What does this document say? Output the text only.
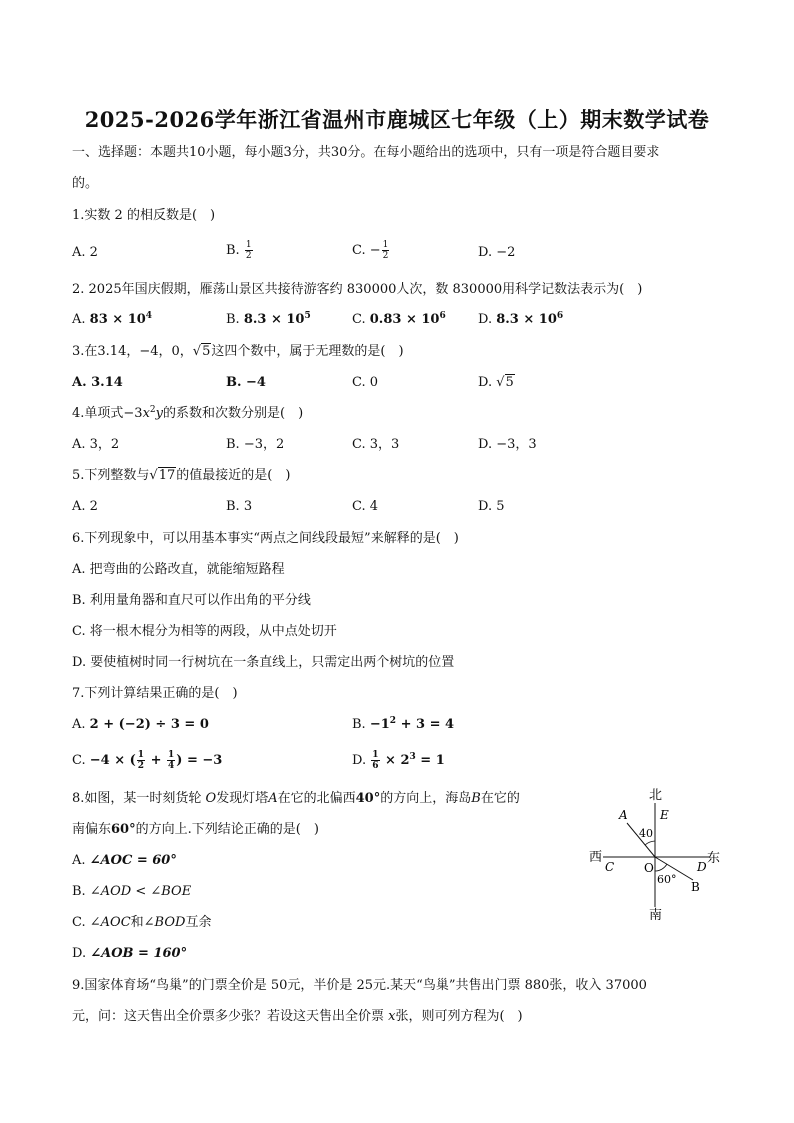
2025-2026学年浙江省温州市鹿城区七年级（上）期末数学试卷
一、选择题：本题共10小题，每小题3分，共30分。在每小题给出的选项中，只有一项是符合题目要求
的。
1.实数 2 的相反数是(　)
A. 2	B. $\frac{1}{2}$	C. − $\frac{1}{2}$	D. −2
2. 2025年国庆假期，雁荡山景区共接待游客约 830000人次，数 830000用科学记数法表示为(　)
A. $83 \times 10^4$	B. $8.3 \times 10^5$	C. $0.83 \times 10^6$ D. $8.3 \times 10^6$
3.在3.14，−4，0，√5这四个数中，属于无理数的是(　)
A. 3.14	B. −4	C. 0	D. √5
4.单项式$-3x^2y$的系数和次数分别是(　)
A. 3，2	B. −3，2	C. 3，3	D. −3，3
5.下列整数与√17的值最接近的是(　)
A. 2	B. 3	C. 4	D. 5
6.下列现象中，可以用基本事实“两点之间线段最短”来解释的是(　)
A. 把弯曲的公路改直，就能缩短路程
B. 利用量角器和直尺可以作出角的平分线
C. 将一根木棍分为相等的两段，从中点处切开
D. 要使植树时同一行树坑在一条直线上，只需定出两个树坑的位置
7.下列计算结果正确的是(　)
A. 2 + (−2) ÷ 3 = 0	B. $-1^2 + 3 = 4$
C. −4 × ( $\frac{1}{2} + \frac{1}{4}$ ) = −3	D. $\frac{1}{6} \times 2^3 = 1$
8.如图，某一时刻货轮 O发现灯塔A在它的北偏西40°的方向上，海岛B在它的
南偏东60°的方向上.下列结论正确的是(　)
A. ∠AOC = 60°
B. ∠AOD < ∠BOE
C. ∠AOC和∠BOD互余
D. ∠AOB = 160°
北
南
西	东
A	E
C	D
O
B
40
60°
9.国家体育场“鸟巢”的门票全价是 50元，半价是 25元.某天“鸟巢”共售出门票 880张，收入 37000
元，问：这天售出全价票多少张？若设这天售出全价票 x张，则可列方程为(　)
